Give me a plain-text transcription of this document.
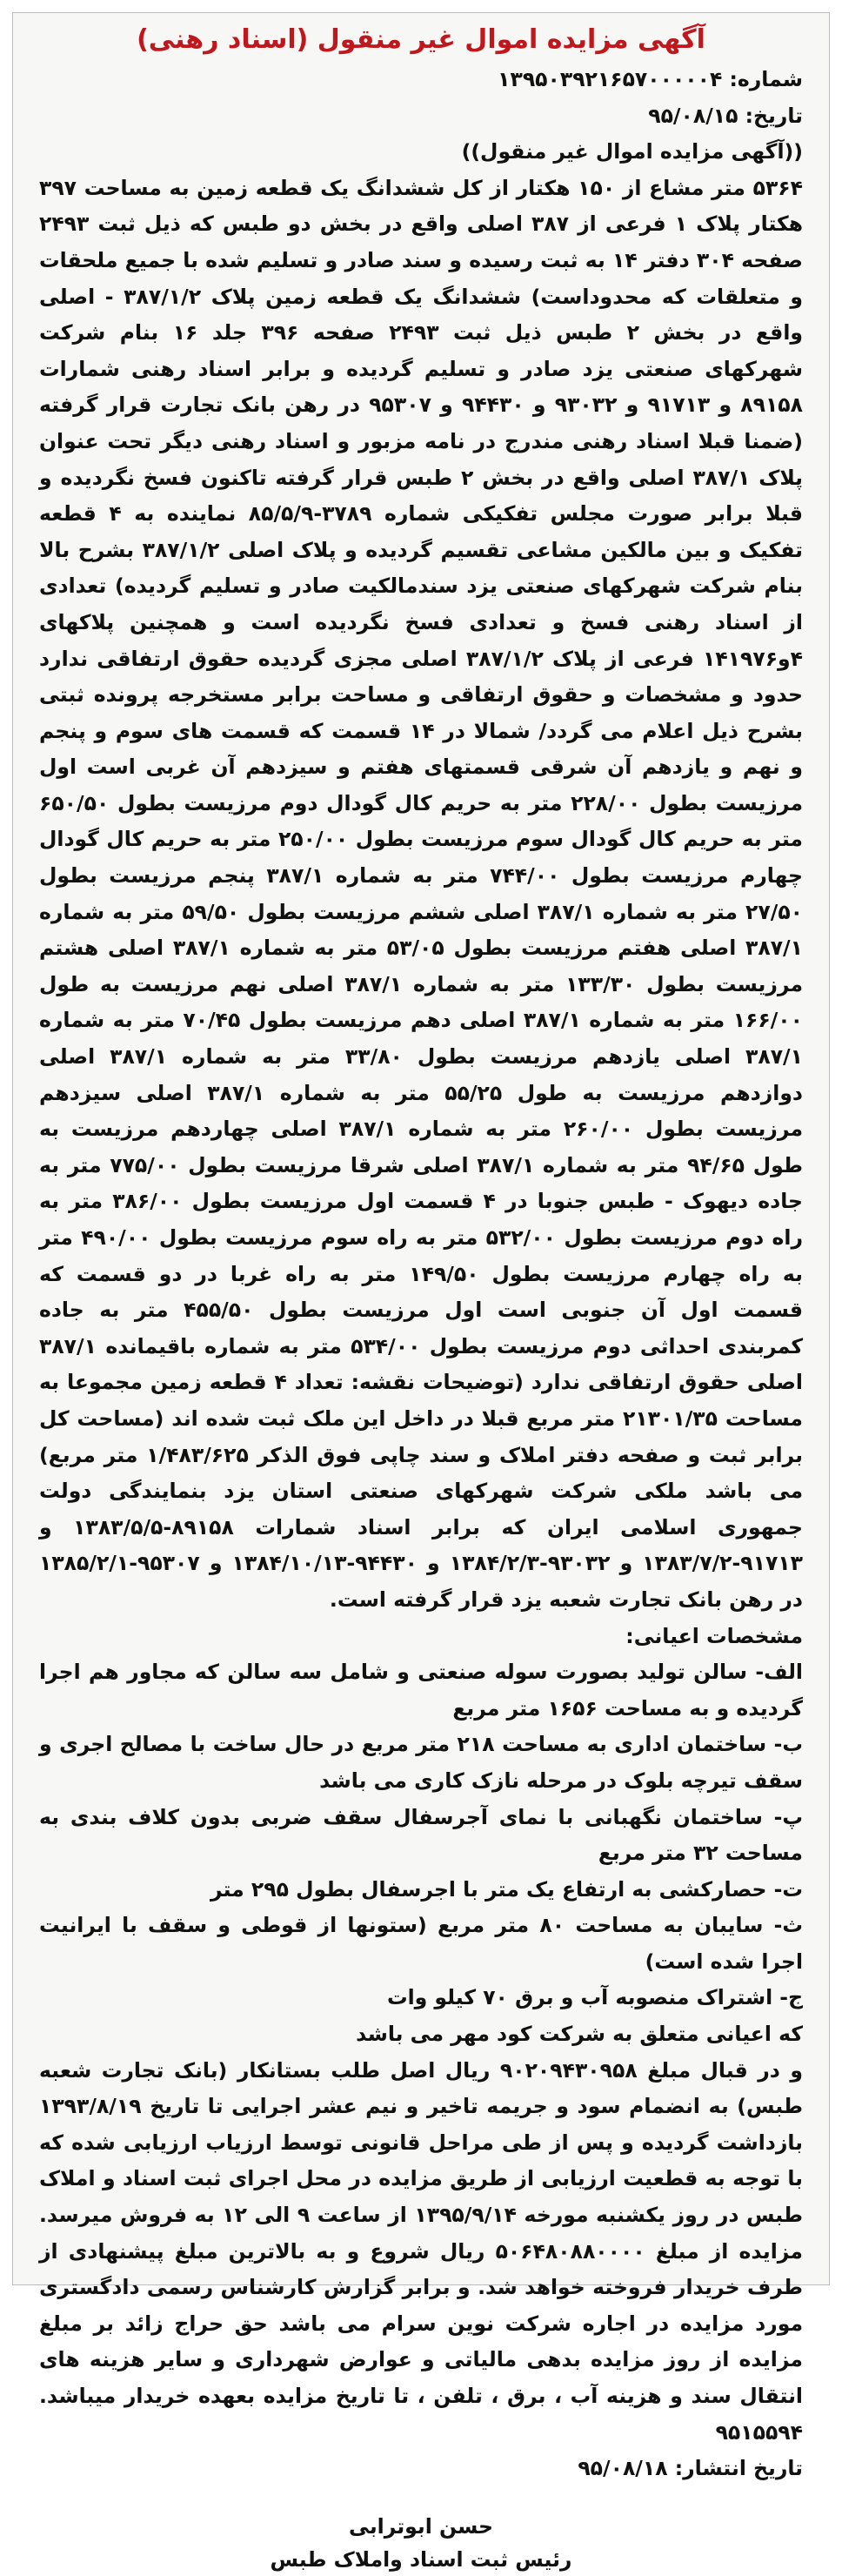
آگهی مزایده اموال غیر منقول (اسناد رهنی)
شماره: ۱۳۹۵۰۳۹۲۱۶۵۷۰۰۰۰۰۴
تاریخ: ۹۵/۰۸/۱۵
((آگهی مزایده اموال غیر منقول))
۵۳۶۴ متر مشاع از ۱۵۰ هکتار از کل ششدانگ یک قطعه زمین به مساحت ۳۹۷ هکتار پلاک ۱ فرعی از ۳۸۷ اصلی واقع در بخش دو طبس که ذیل ثبت ۲۴۹۳ صفحه ۳۰۴ دفتر ۱۴ به ثبت رسیده و سند صادر و تسلیم شده با جمیع ملحقات و متعلقات که محدوداست) ششدانگ یک قطعه زمین پلاک ۳۸۷/۱/۲ - اصلی واقع در بخش ۲ طبس ذیل ثبت ۲۴۹۳ صفحه ۳۹۶ جلد ۱۶ بنام شرکت شهرکهای صنعتی یزد صادر و تسلیم گردیده و برابر اسناد رهنی شمارات ۸۹۱۵۸ و ۹۱۷۱۳ و ۹۳۰۳۲ و ۹۴۴۳۰ و ۹۵۳۰۷ در رهن بانک تجارت قرار گرفته (ضمنا قبلا اسناد رهنی مندرج در نامه مزبور و اسناد رهنی دیگر تحت عنوان پلاک ۳۸۷/۱ اصلی واقع در بخش ۲ طبس قرار گرفته تاکنون فسخ نگردیده و قبلا برابر صورت مجلس تفکیکی شماره ۳۷۸۹-۸۵/۵/۹ نماینده به ۴ قطعه تفکیک و بین مالکین مشاعی تقسیم گردیده و پلاک اصلی ۳۸۷/۱/۲ بشرح بالا بنام شرکت شهرکهای صنعتی یزد سندمالکیت صادر و تسلیم گردیده) تعدادی از اسناد رهنی فسخ و تعدادی فسخ نگردیده است و همچنین پلاکهای ۴و۱۴۱۹۷۶ فرعی از پلاک ۳۸۷/۱/۲ اصلی مجزی گردیده حقوق ارتفاقی ندارد حدود و مشخصات و حقوق ارتفاقی و مساحت برابر مستخرجه پرونده ثبتی بشرح ذیل اعلام می گردد/ شمالا در ۱۴ قسمت که قسمت های سوم و پنجم و نهم و یازدهم آن شرقی قسمتهای هفتم و سیزدهم آن غربی است اول مرزیست بطول ۲۲۸/۰۰ متر به حریم کال گودال دوم مرزیست بطول ۶۵۰/۵۰ متر به حریم کال گودال سوم مرزیست بطول ۲۵۰/۰۰ متر به حریم کال گودال چهارم مرزیست بطول ۷۴۴/۰۰ متر به شماره ۳۸۷/۱ پنجم مرزیست بطول ۲۷/۵۰ متر به شماره ۳۸۷/۱ اصلی ششم مرزیست بطول ۵۹/۵۰ متر به شماره ۳۸۷/۱ اصلی هفتم مرزیست بطول ۵۳/۰۵ متر به شماره ۳۸۷/۱ اصلی هشتم مرزیست بطول ۱۳۳/۳۰ متر به شماره ۳۸۷/۱ اصلی نهم مرزیست به طول ۱۶۶/۰۰ متر به شماره ۳۸۷/۱ اصلی دهم مرزیست بطول ۷۰/۴۵ متر به شماره ۳۸۷/۱ اصلی یازدهم مرزیست بطول ۳۳/۸۰ متر به شماره ۳۸۷/۱ اصلی دوازدهم مرزیست به طول ۵۵/۲۵ متر به شماره ۳۸۷/۱ اصلی سیزدهم مرزیست بطول ۲۶۰/۰۰ متر به شماره ۳۸۷/۱ اصلی چهاردهم مرزیست به طول ۹۴/۶۵ متر به شماره ۳۸۷/۱ اصلی شرقا مرزیست بطول ۷۷۵/۰۰ متر به جاده دیهوک - طبس جنوبا در ۴ قسمت اول مرزیست بطول ۳۸۶/۰۰ متر به راه دوم مرزیست بطول ۵۳۲/۰۰ متر به راه سوم مرزیست بطول ۴۹۰/۰۰ متر به راه چهارم مرزیست بطول ۱۴۹/۵۰ متر به راه غربا در دو قسمت که قسمت اول آن جنوبی است اول مرزیست بطول ۴۵۵/۵۰ متر به جاده کمربندی احداثی دوم مرزیست بطول ۵۳۴/۰۰ متر به شماره باقیمانده ۳۸۷/۱ اصلی حقوق ارتفاقی ندارد (توضیحات نقشه: تعداد ۴ قطعه زمین مجموعا به مساحت ۲۱۳۰۱/۳۵ متر مربع قبلا در داخل این ملک ثبت شده اند (مساحت کل برابر ثبت و صفحه دفتر املاک و سند چاپی فوق الذکر ۱/۴۸۳/۶۲۵ متر مربع) می باشد ملکی شرکت شهرکهای صنعتی استان یزد بنمایندگی دولت جمهوری اسلامی ایران که برابر اسناد شمارات ۸۹۱۵۸-۱۳۸۳/۵/۵ و ۹۱۷۱۳-۱۳۸۳/۷/۲ و ۹۳۰۳۲-۱۳۸۴/۲/۳ و ۹۴۴۳۰-۱۳۸۴/۱۰/۱۳ و ۹۵۳۰۷-۱۳۸۵/۲/۱ در رهن بانک تجارت شعبه یزد قرار گرفته است.
مشخصات اعیانی:
الف- سالن تولید بصورت سوله صنعتی و شامل سه سالن که مجاور هم اجرا گردیده و به مساحت ۱۶۵۶ متر مربع
ب- ساختمان اداری به مساحت ۲۱۸ متر مربع در حال ساخت با مصالح اجری و سقف تیرچه بلوک در مرحله نازک کاری می باشد
پ- ساختمان نگهبانی با نمای آجرسفال سقف ضربی بدون کلاف بندی به مساحت ۳۲ متر مربع
ت- حصارکشی به ارتفاع یک متر با اجرسفال بطول ۲۹۵ متر
ث- سایبان به مساحت ۸۰ متر مربع (ستونها از قوطی و سقف با ایرانیت اجرا شده است)
ج- اشتراک منصوبه آب و برق ۷۰ کیلو وات
که اعیانی متعلق به شرکت کود مهر می باشد
و در قبال مبلغ ۹۰۲۰۹۴۳۰۹۵۸ ریال اصل طلب بستانکار (بانک تجارت شعبه طبس) به انضمام سود و جریمه تاخیر و نیم عشر اجرایی تا تاریخ ۱۳۹۳/۸/۱۹ بازداشت گردیده و پس از طی مراحل قانونی توسط ارزیاب ارزیابی شده که با توجه به قطعیت ارزیابی از طریق مزایده در محل اجرای ثبت اسناد و املاک طبس در روز یکشنبه مورخه ۱۳۹۵/۹/۱۴ از ساعت ۹ الی ۱۲ به فروش میرسد. مزایده از مبلغ ۵۰۶۴۸۰۸۸۰۰۰۰ ریال شروع و به بالاترین مبلغ پیشنهادی از طرف خریدار فروخته خواهد شد. و برابر گزارش کارشناس رسمی دادگستری مورد مزایده در اجاره شرکت نوین سرام می باشد حق حراج زائد بر مبلغ مزایده از روز مزایده بدهی مالیاتی و عوارض شهرداری و سایر هزینه های انتقال سند و هزینه آب ، برق ، تلفن ، تا تاریخ مزایده بعهده خریدار میباشد. ۹۵۱۵۵۹۴
تاریخ انتشار: ۹۵/۰۸/۱۸
حسن ابوترابی
رئیس ثبت اسناد واملاک طبس
